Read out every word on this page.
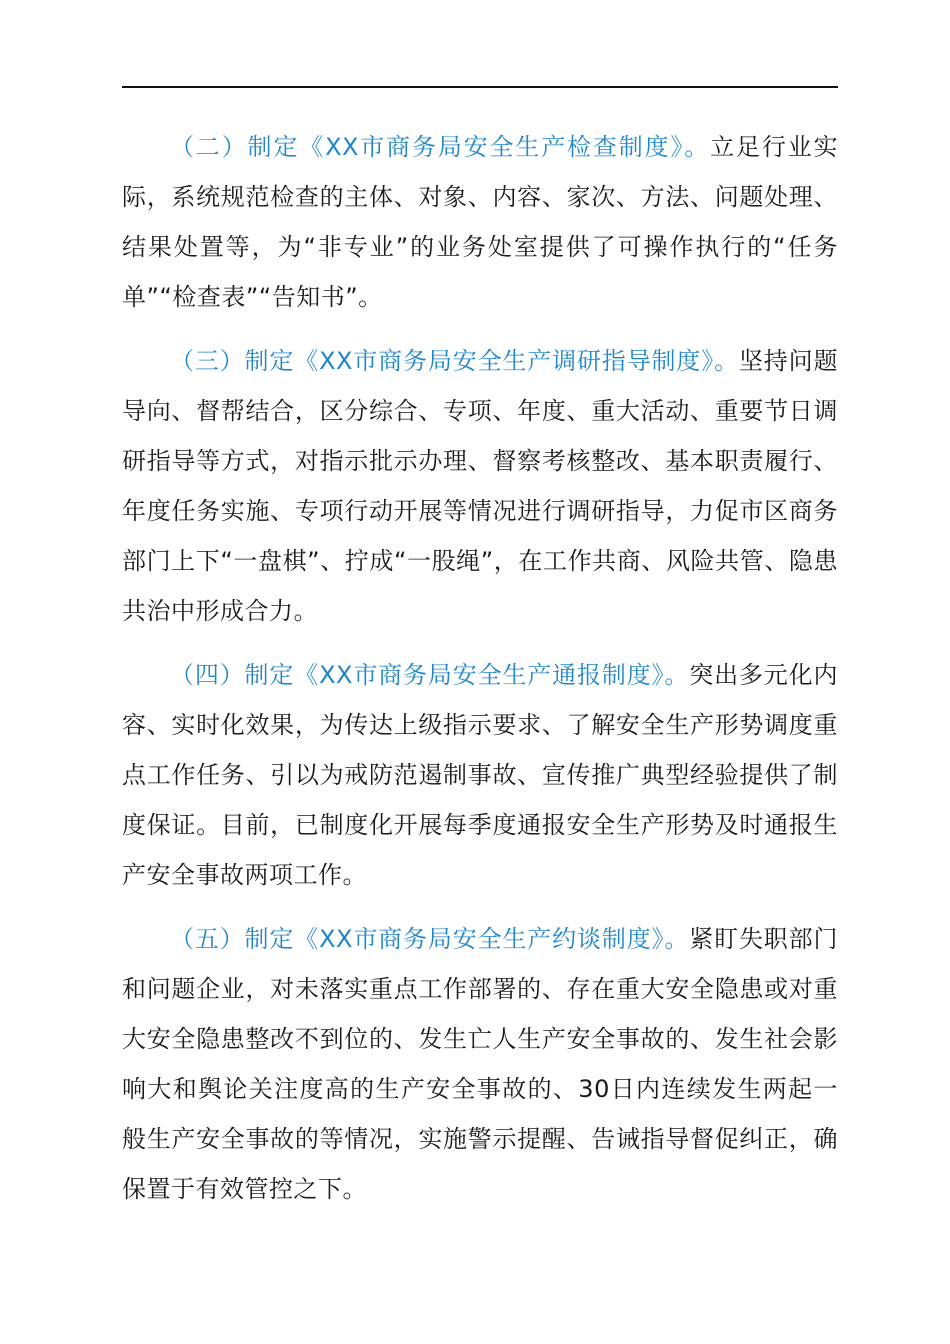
（二）制定《XX市商务局安全生产检查制度》。立足行业实际，系统规范检查的主体、对象、内容、家次、方法、问题处理、结果处置等，为“非专业”的业务处室提供了可操作执行的“任务单”“检查表”“告知书”。

（三）制定《XX市商务局安全生产调研指导制度》。坚持问题导向、督帮结合，区分综合、专项、年度、重大活动、重要节日调研指导等方式，对指示批示办理、督察考核整改、基本职责履行、年度任务实施、专项行动开展等情况进行调研指导，力促市区商务部门上下“一盘棋”、拧成“一股绳”，在工作共商、风险共管、隐患共治中形成合力。

（四）制定《XX市商务局安全生产通报制度》。突出多元化内容、实时化效果，为传达上级指示要求、了解安全生产形势调度重点工作任务、引以为戒防范遏制事故、宣传推广典型经验提供了制度保证。目前，已制度化开展每季度通报安全生产形势及时通报生产安全事故两项工作。

（五）制定《XX市商务局安全生产约谈制度》。紧盯失职部门和问题企业，对未落实重点工作部署的、存在重大安全隐患或对重大安全隐患整改不到位的、发生亡人生产安全事故的、发生社会影响大和舆论关注度高的生产安全事故的、30日内连续发生两起一般生产安全事故的等情况，实施警示提醒、告诫指导督促纠正，确保置于有效管控之下。
